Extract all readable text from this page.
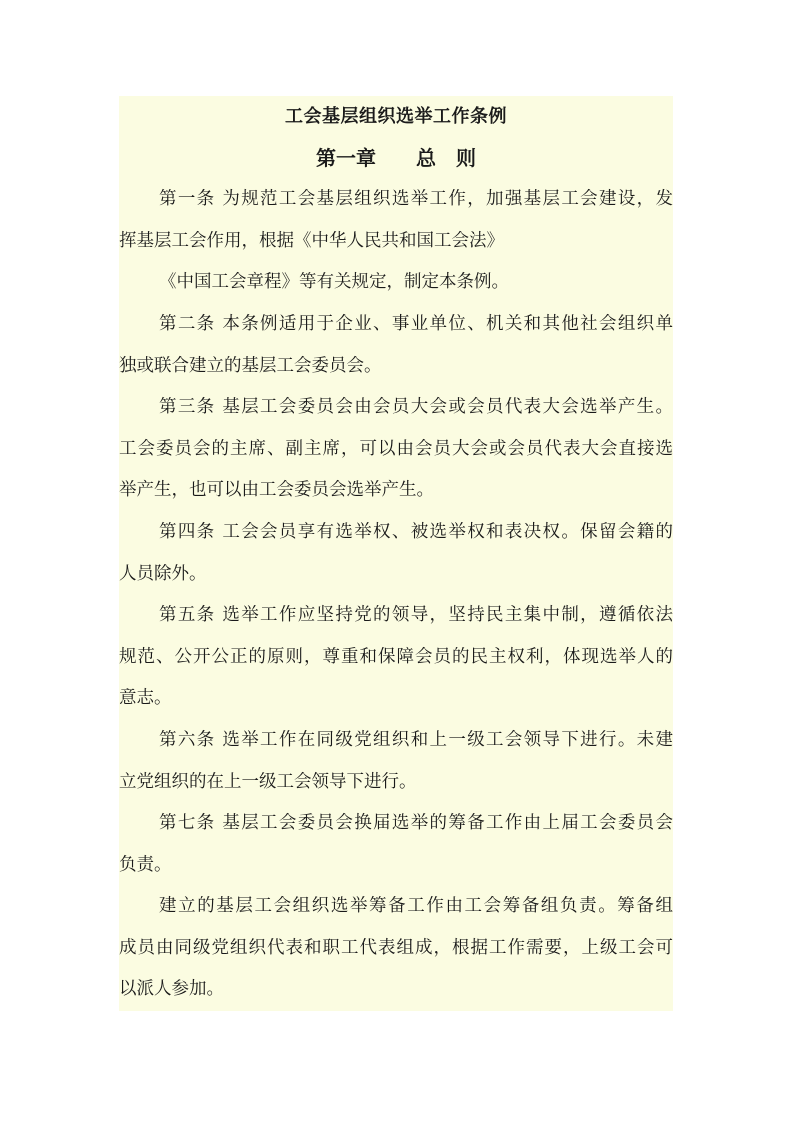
工会基层组织选举工作条例
第一章　　总　则
第一条 为规范工会基层组织选举工作，加强基层工会建设，发
挥基层工会作用，根据《中华人民共和国工会法》
《中国工会章程》等有关规定，制定本条例。
第二条 本条例适用于企业、事业单位、机关和其他社会组织单
独或联合建立的基层工会委员会。
第三条 基层工会委员会由会员大会或会员代表大会选举产生。
工会委员会的主席、副主席，可以由会员大会或会员代表大会直接选
举产生，也可以由工会委员会选举产生。
第四条 工会会员享有选举权、被选举权和表决权。保留会籍的
人员除外。
第五条 选举工作应坚持党的领导，坚持民主集中制，遵循依法
规范、公开公正的原则，尊重和保障会员的民主权利，体现选举人的
意志。
第六条 选举工作在同级党组织和上一级工会领导下进行。未建
立党组织的在上一级工会领导下进行。
第七条 基层工会委员会换届选举的筹备工作由上届工会委员会
负责。
建立的基层工会组织选举筹备工作由工会筹备组负责。筹备组
成员由同级党组织代表和职工代表组成，根据工作需要，上级工会可
以派人参加。
